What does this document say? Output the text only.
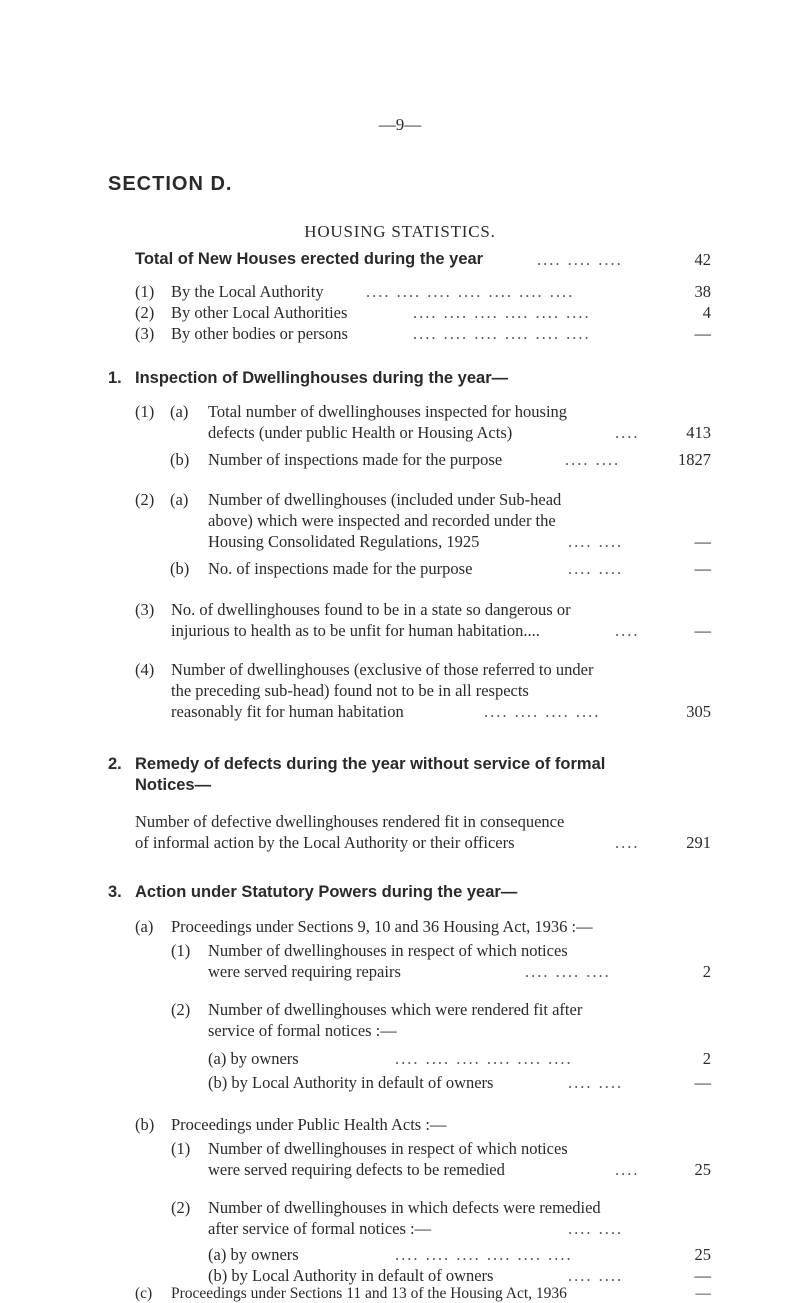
—9—
SECTION D.
HOUSING STATISTICS.
Total of New Houses erected during the year	.... .... ....	42
(1) By the Local Authority	.... .... .... .... .... .... ....	38
(2) By other Local Authorities	.... .... .... .... .... ....	4
(3) By other bodies or persons	.... .... .... .... .... ....	—
1. Inspection of Dwellinghouses during the year—
(1) (a) Total number of dwellinghouses inspected for housing
defects (under public Health or Housing Acts)	....	413
(b) Number of inspections made for the purpose	.... ....	1827
(2) (a) Number of dwellinghouses (included under Sub-head
above) which were inspected and recorded under the
Housing Consolidated Regulations, 1925	.... ....	—
(b) No. of inspections made for the purpose	.... ....	—
(3) No. of dwellinghouses found to be in a state so dangerous or
injurious to health as to be unfit for human habitation....	....	—
(4) Number of dwellinghouses (exclusive of those referred to under
the preceding sub-head) found not to be in all respects
reasonably fit for human habitation	.... .... .... ....	305
2. Remedy of defects during the year without service of formal
Notices—
Number of defective dwellinghouses rendered fit in consequence
of informal action by the Local Authority or their officers	....	291
3. Action under Statutory Powers during the year—
(a) Proceedings under Sections 9, 10 and 36 Housing Act, 1936 :—
(1) Number of dwellinghouses in respect of which notices
were served requiring repairs	.... .... ....	2
(2) Number of dwellinghouses which were rendered fit after
service of formal notices :—
(a) by owners	.... .... .... .... .... ....	2
(b) by Local Authority in default of owners	.... ....	—
(b) Proceedings under Public Health Acts :—
(1) Number of dwellinghouses in respect of which notices
were served requiring defects to be remedied	....	25
(2) Number of dwellinghouses in which defects were remedied
after service of formal notices :—	.... ....
(a) by owners	.... .... .... .... .... ....	25
(b) by Local Authority in default of owners	.... ....	—
(c) Proceedings under Sections 11 and 13 of the Housing Act, 1936	—
